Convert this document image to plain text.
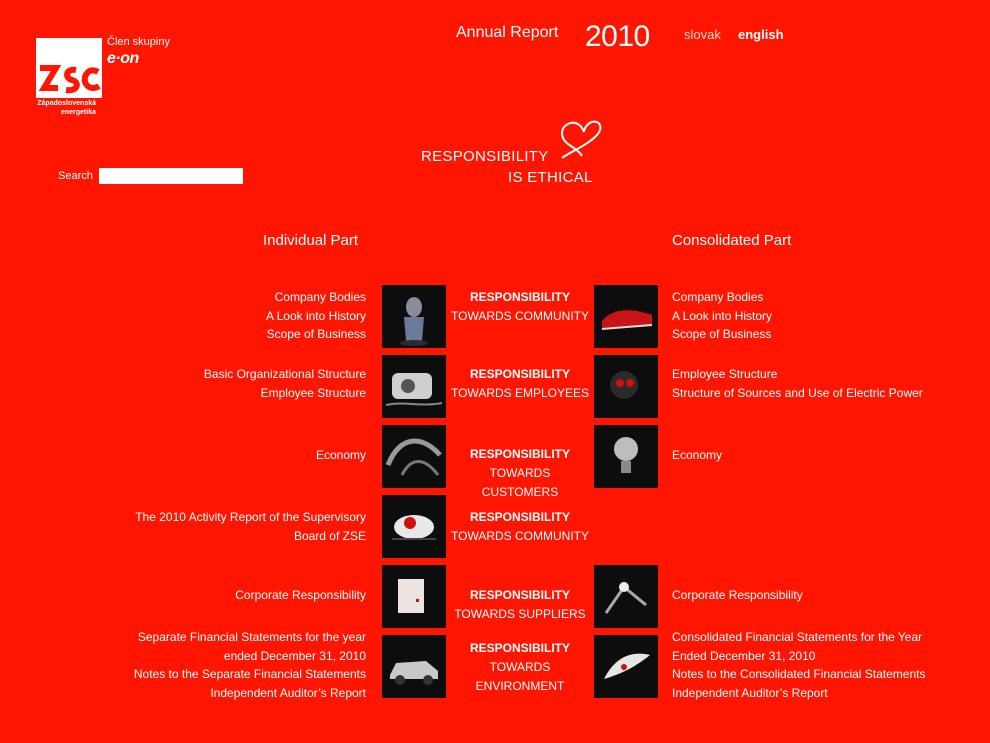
Západoslovenská
energetika
Člen skupiny
e·on
Annual Report 2010	slovak english
Search
RESPONSIBILITY
IS ETHICAL
Individual Part	Consolidated Part
Company Bodies
A Look into History
Scope of Business
Basic Organizational Structure
Employee Structure
Economy
The 2010 Activity Report of the Supervisory
Board of ZSE
Corporate Responsibility
Separate Financial Statements for the year
ended December 31, 2010
Notes to the Separate Financial Statements
Independent Auditor’s Report
RESPONSIBILITY
TOWARDS COMMUNITY
RESPONSIBILITY
TOWARDS EMPLOYEES
RESPONSIBILITY
TOWARDS CUSTOMERS
RESPONSIBILITY
TOWARDS COMMUNITY
RESPONSIBILITY
TOWARDS SUPPLIERS
RESPONSIBILITY
TOWARDS
ENVIRONMENT
Company Bodies
A Look into History
Scope of Business
Employee Structure
Structure of Sources and Use of Electric Power
Economy
Corporate Responsibility
Consolidated Financial Statements for the Year
Ended December 31, 2010
Notes to the Consolidated Financial Statements
Independent Auditor’s Report
